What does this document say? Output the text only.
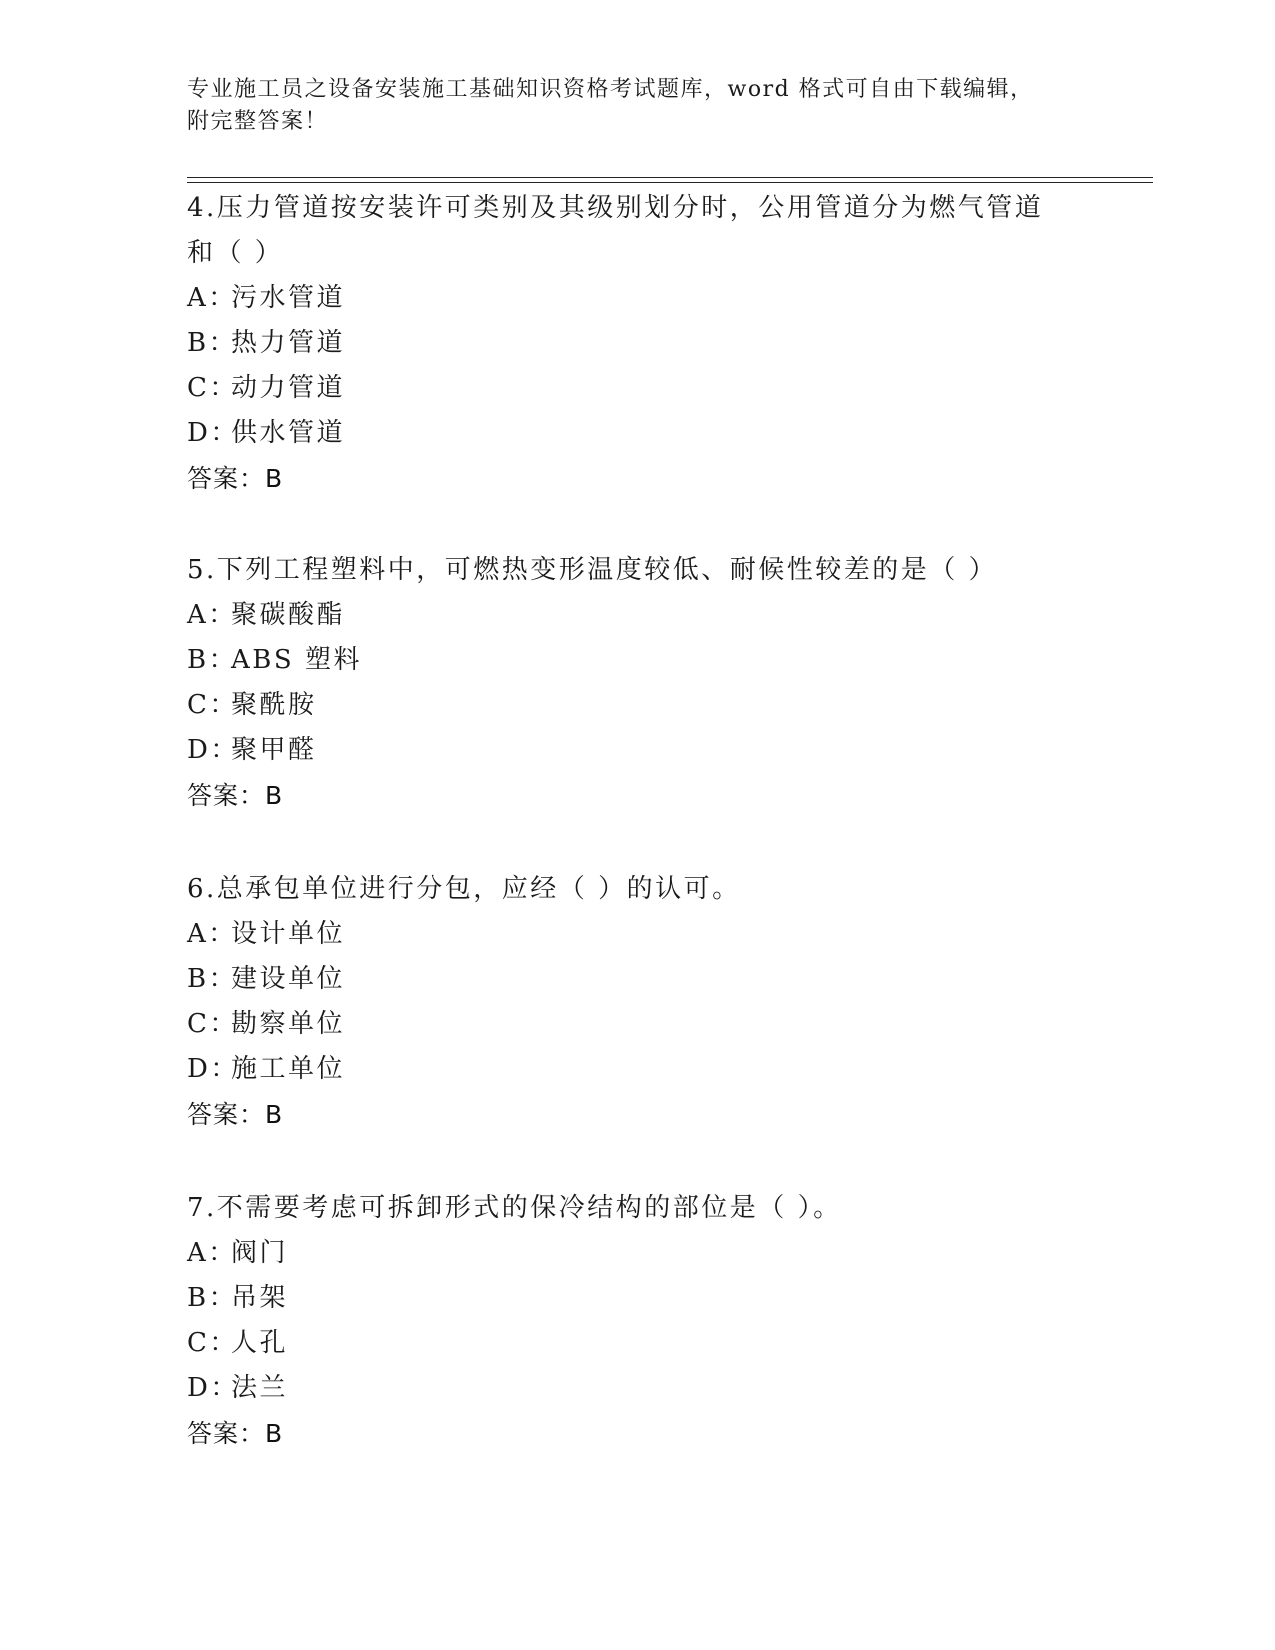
专业施工员之设备安装施工基础知识资格考试题库，word 格式可自由下载编辑，
附完整答案！
4.压力管道按安装许可类别及其级别划分时，公用管道分为燃气管道
和（ ）
A：污水管道
B：热力管道
C：动力管道
D：供水管道
答案：B
5.下列工程塑料中，可燃热变形温度较低、耐候性较差的是（ ）
A：聚碳酸酯
B：ABS 塑料
C：聚酰胺
D：聚甲醛
答案：B
6.总承包单位进行分包，应经（ ）的认可。
A：设计单位
B：建设单位
C：勘察单位
D：施工单位
答案：B
7.不需要考虑可拆卸形式的保冷结构的部位是（ ）。
A：阀门
B：吊架
C：人孔
D：法兰
答案：B
